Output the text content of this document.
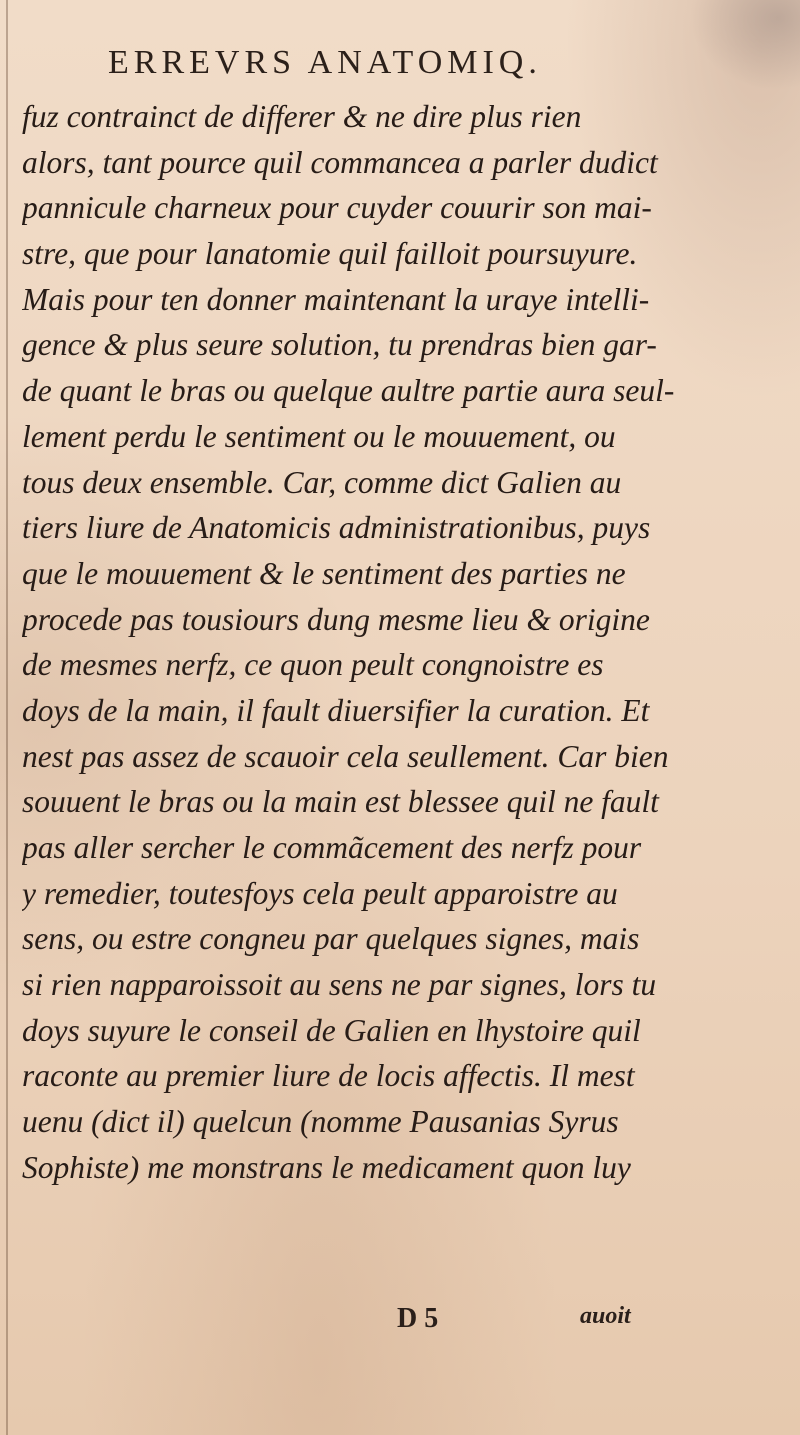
ERREVRS ANATOMIQ.
fuz contrainct de differer & ne dire plus rien
alors, tant pource quil commancea a parler dudict
pannicule charneux pour cuyder couurir son mai-
stre, que pour lanatomie quil failloit poursuyure.
Mais pour ten donner maintenant la uraye intelli-
gence & plus seure solution, tu prendras bien gar-
de quant le bras ou quelque aultre partie aura seul-
lement perdu le sentiment ou le mouuement, ou
tous deux ensemble. Car, comme dict Galien au
tiers liure de Anatomicis administrationibus, puys
que le mouuement & le sentiment des parties ne
procede pas tousiours dung mesme lieu & origine
de mesmes nerfz, ce quon peult congnoistre es
doys de la main, il fault diuersifier la curation. Et
nest pas assez de scauoir cela seullement. Car bien
souuent le bras ou la main est blessee quil ne fault
pas aller sercher le commãcement des nerfz pour
y remedier, toutesfoys cela peult apparoistre au
sens, ou estre congneu par quelques signes, mais
si rien napparoissoit au sens ne par signes, lors tu
doys suyure le conseil de Galien en lhystoire quil
raconte au premier liure de locis affectis. Il mest
uenu (dict il) quelcun (nomme Pausanias Syrus
Sophiste) me monstrans le medicament quon luy
D 5	auoit
